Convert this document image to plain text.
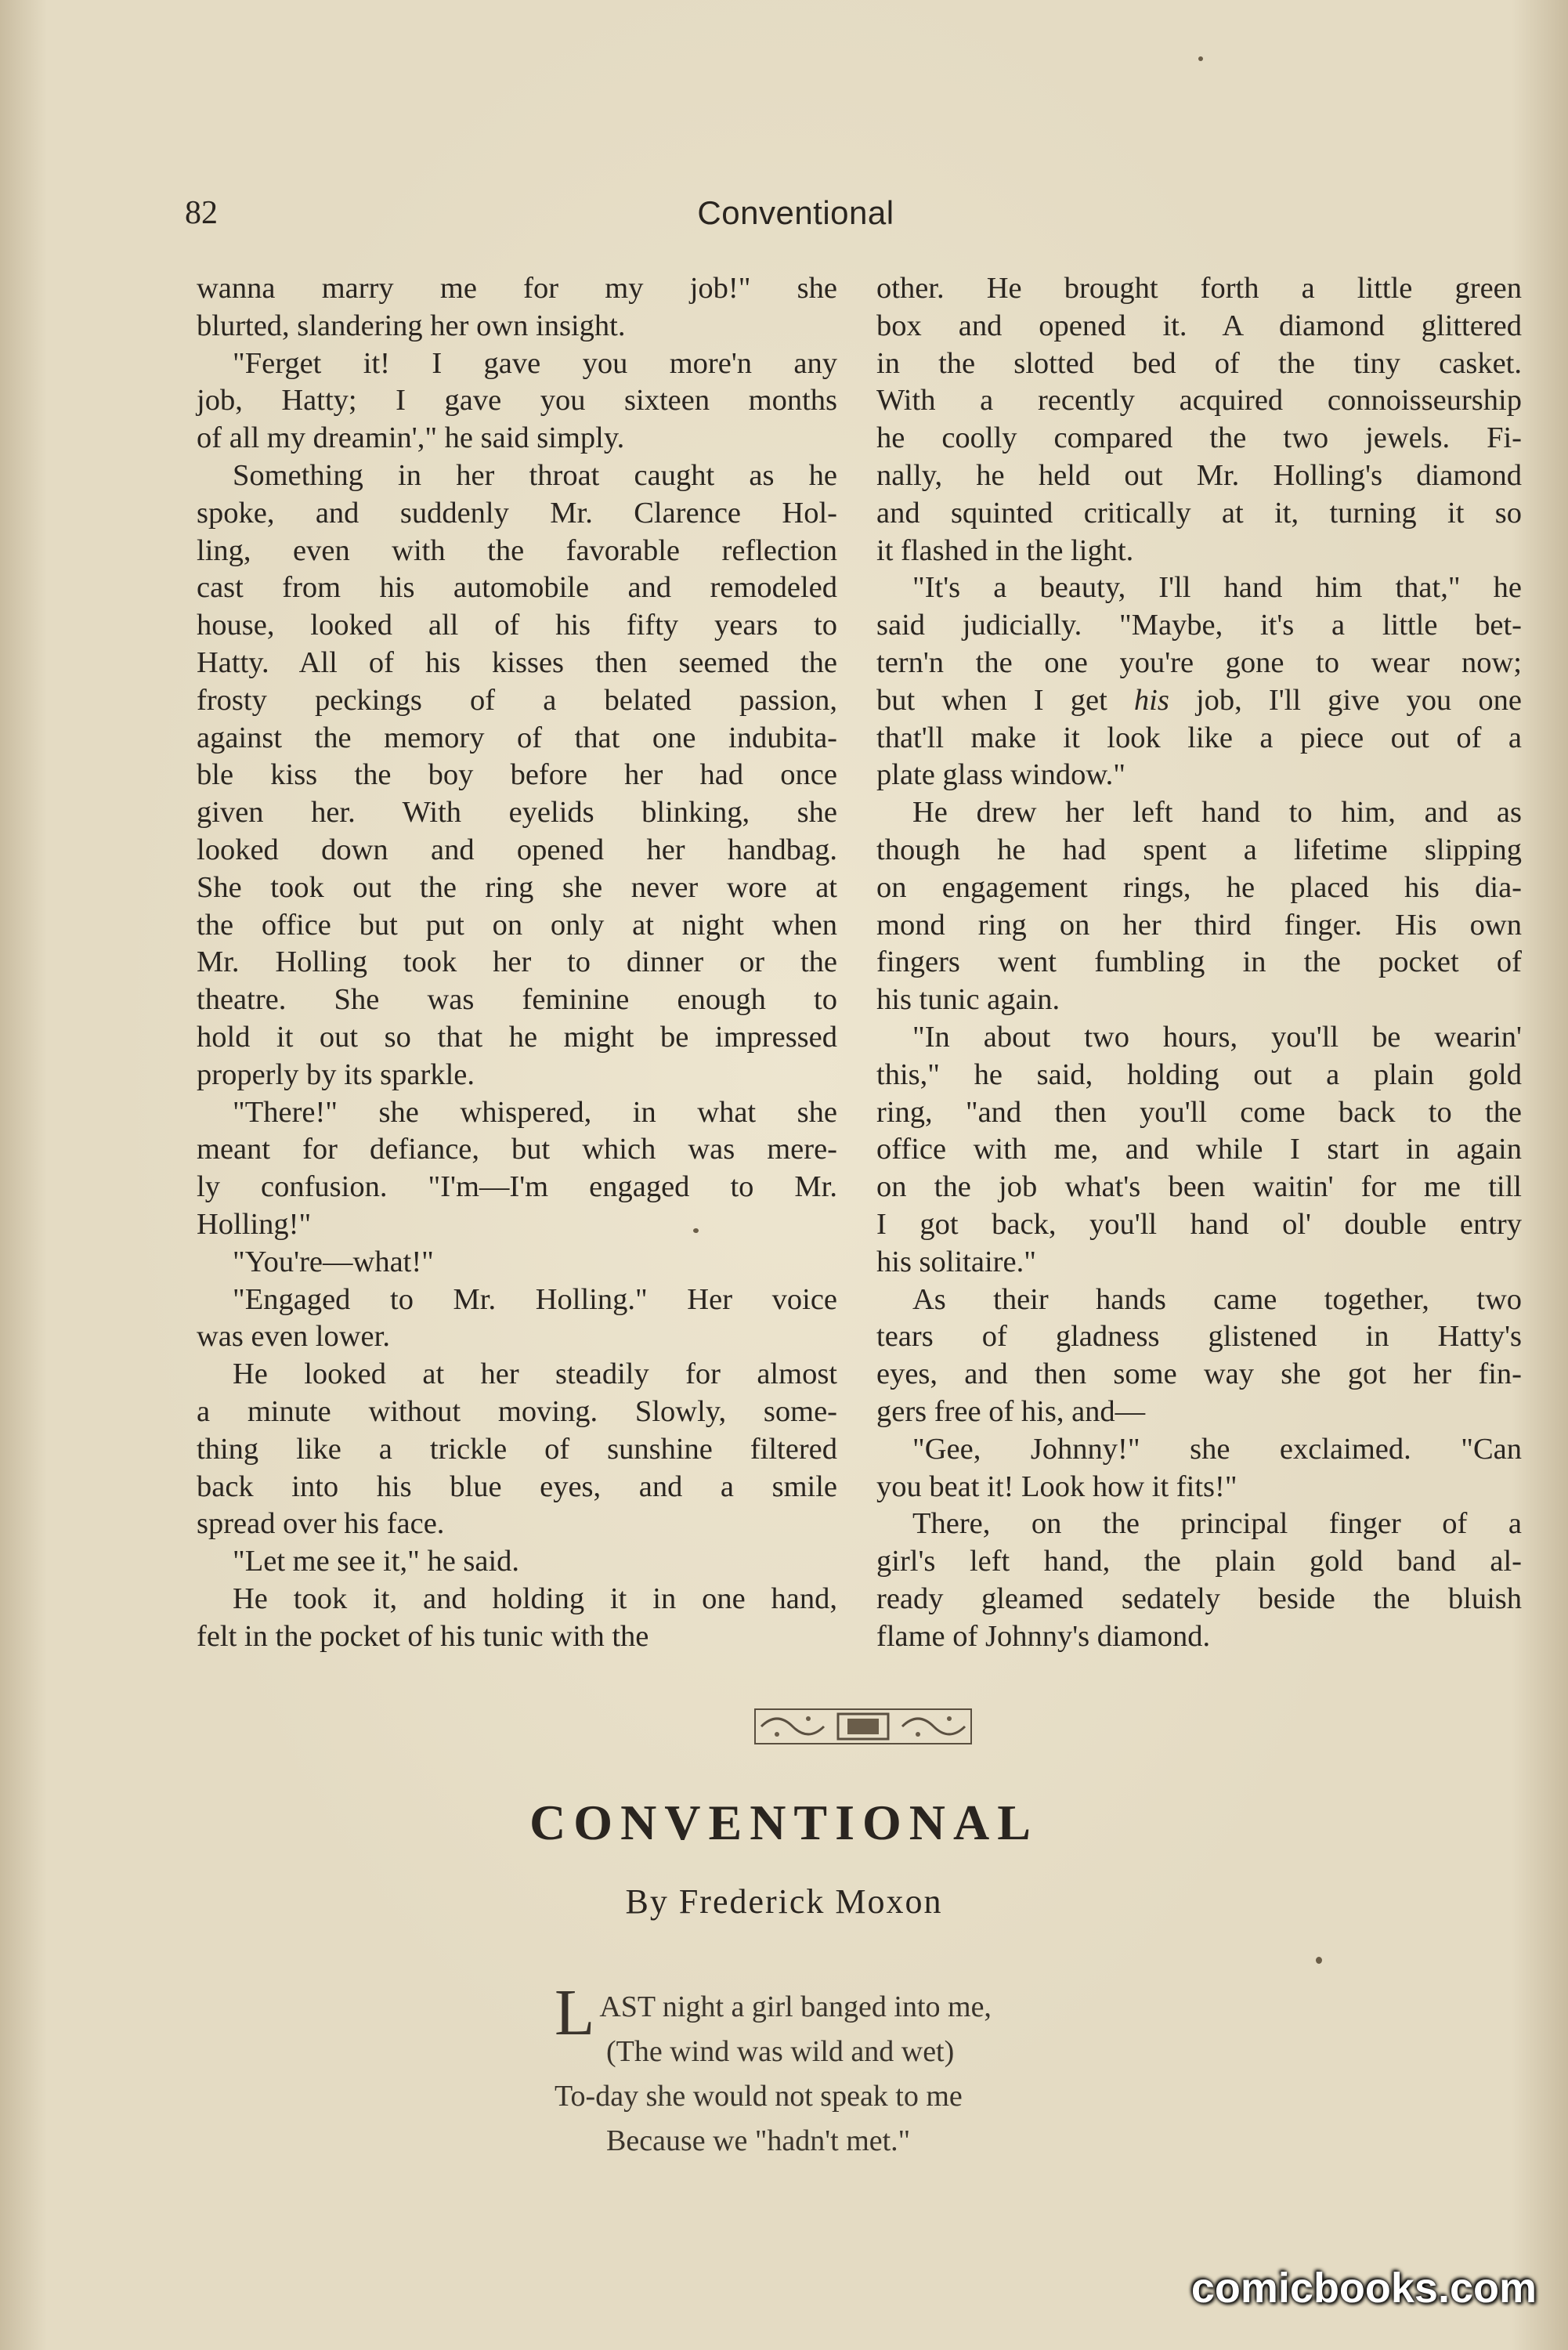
82	Conventional

wanna marry me for my job!" she

blurted, slandering her own insight.

"Ferget it! I gave you more'n any

job, Hatty; I gave you sixteen months

of all my dreamin'," he said simply.

Something in her throat caught as he

spoke, and suddenly Mr. Clarence Hol-

ling, even with the favorable reflection

cast from his automobile and remodeled

house, looked all of his fifty years to

Hatty. All of his kisses then seemed the

frosty peckings of a belated passion,

against the memory of that one indubita-

ble kiss the boy before her had once

given her. With eyelids blinking, she

looked down and opened her handbag.

She took out the ring she never wore at

the office but put on only at night when

Mr. Holling took her to dinner or the

theatre. She was feminine enough to

hold it out so that he might be impressed

properly by its sparkle.

"There!" she whispered, in what she

meant for defiance, but which was mere-

ly confusion. "I'm—I'm engaged to Mr.

Holling!"

"You're—what!"

"Engaged to Mr. Holling." Her voice

was even lower.

He looked at her steadily for almost

a minute without moving. Slowly, some-

thing like a trickle of sunshine filtered

back into his blue eyes, and a smile

spread over his face.

"Let me see it," he said.

He took it, and holding it in one hand,

felt in the pocket of his tunic with the

other. He brought forth a little green

box and opened it. A diamond glittered

in the slotted bed of the tiny casket.

With a recently acquired connoisseurship

he coolly compared the two jewels. Fi-

nally, he held out Mr. Holling's diamond

and squinted critically at it, turning it so

it flashed in the light.

"It's a beauty, I'll hand him that," he

said judicially. "Maybe, it's a little bet-

tern'n the one you're gone to wear now;

but when I get his job, I'll give you one

that'll make it look like a piece out of a

plate glass window."

He drew her left hand to him, and as

though he had spent a lifetime slipping

on engagement rings, he placed his dia-

mond ring on her third finger. His own

fingers went fumbling in the pocket of

his tunic again.

"In about two hours, you'll be wearin'

this," he said, holding out a plain gold

ring, "and then you'll come back to the

office with me, and while I start in again

on the job what's been waitin' for me till

I got back, you'll hand ol' double entry

his solitaire."

As their hands came together, two

tears of gladness glistened in Hatty's

eyes, and then some way she got her fin-

gers free of his, and—

"Gee, Johnny!" she exclaimed. "Can

you beat it! Look how it fits!"

There, on the principal finger of a

girl's left hand, the plain gold band al-

ready gleamed sedately beside the bluish

flame of Johnny's diamond.

CONVENTIONAL
By Frederick Moxon
LAST night a girl banged into me,
(The wind was wild and wet)
To-day she would not speak to me
Because we "hadn't met."
comicbooks.com
